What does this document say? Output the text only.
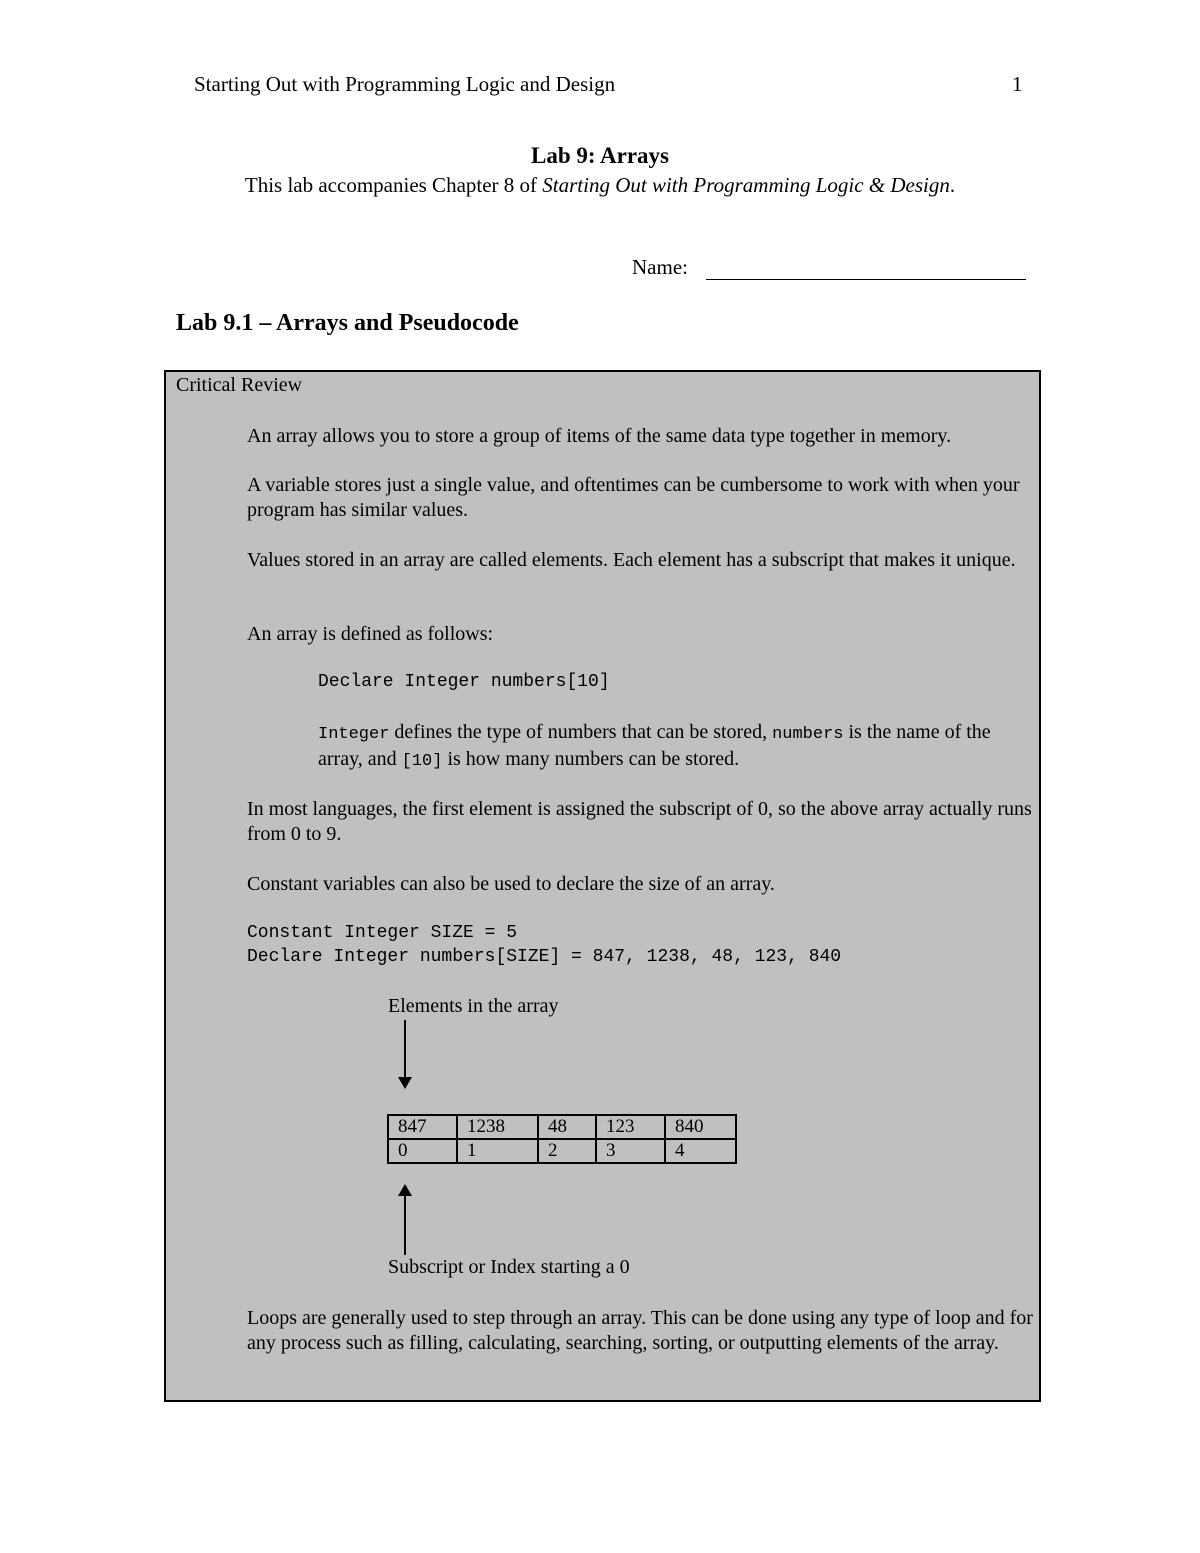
Starting Out with Programming Logic and Design	1
Lab 9: Arrays
This lab accompanies Chapter 8 of Starting Out with Programming Logic & Design.
Name:
Lab 9.1 – Arrays and Pseudocode
Critical Review
An array allows you to store a group of items of the same data type together in memory.
A variable stores just a single value, and oftentimes can be cumbersome to work with when your program has similar values.
Values stored in an array are called elements. Each element has a subscript that makes it unique.
An array is defined as follows:
Declare Integer numbers[10]
Integer defines the type of numbers that can be stored, numbers is the name of the array, and [10] is how many numbers can be stored.
In most languages, the first element is assigned the subscript of 0, so the above array actually runs from 0 to 9.
Constant variables can also be used to declare the size of an array.
Constant Integer SIZE = 5
Declare Integer numbers[SIZE] = 847, 1238, 48, 123, 840
Elements in the array
847	1238	48	123	840
0	1	2	3	4
Subscript or Index starting a 0
Loops are generally used to step through an array. This can be done using any type of loop and for any process such as filling, calculating, searching, sorting, or outputting elements of the array.
